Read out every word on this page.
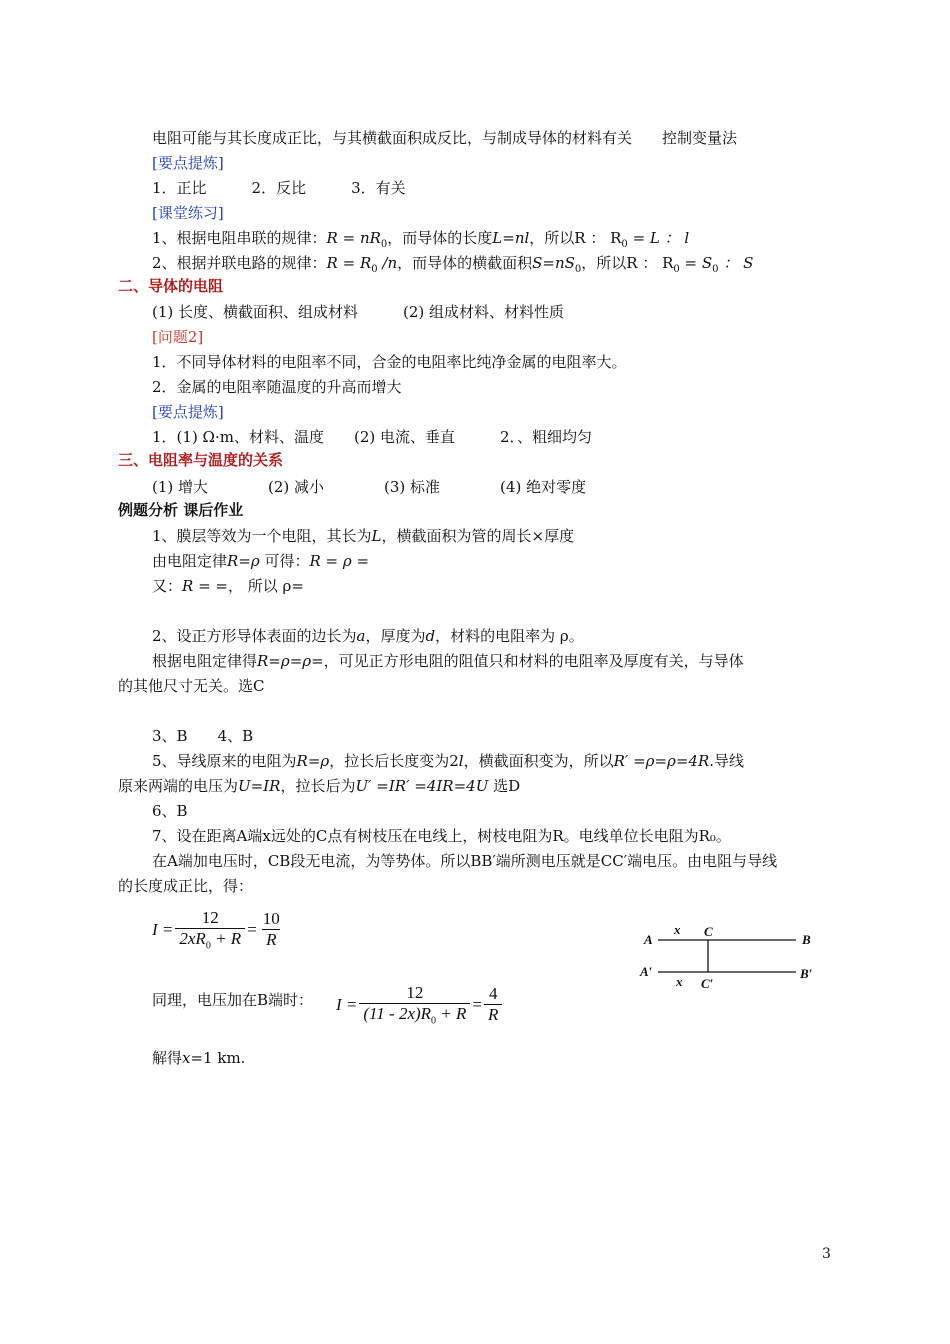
电阻可能与其长度成正比，与其横截面积成反比，与制成导体的材料有关　　控制变量法
[要点提炼]
1．正比　　　2．反比　　　3．有关
[课堂练习]
1、根据电阻串联的规律：$R = nR_0$，而导体的长度L=nl，所以R ： $R_0 = L$ ： l
2、根据并联电路的规律：$R = R_0$ /n，而导体的横截面积$S=nS_0$，所以R ： $R_0 = S_0$ ： S
二、导体的电阻
(1) 长度、横截面积、组成材料　　　(2) 组成材料、材料性质
[问题2]
1．不同导体材料的电阻率不同，合金的电阻率比纯净金属的电阻率大。
2．金属的电阻率随温度的升高而增大
[要点提炼]
1．(1) Ω·m、材料、温度　　(2) 电流、垂直　　　2．、粗细均匀
三、电阻率与温度的关系
(1) 增大　　　　(2) 减小　　　　(3) 标准　　　　(4) 绝对零度
例题分析 课后作业
1、膜层等效为一个电阻，其长为L，横截面积为管的周长×厚度
由电阻定律R=ρ 可得：R = ρ =
又：R = =， 所以 ρ=
2、设正方形导体表面的边长为a，厚度为d，材料的电阻率为 ρ。
根据电阻定律得R=ρ=ρ=，可见正方形电阻的阻值只和材料的电阻率及厚度有关，与导体
的其他尺寸无关。选C
3、B　　4、B
5、导线原来的电阻为R=ρ，拉长后长度变为2l，横截面积变为，所以R′ =ρ=ρ=4R.导线
原来两端的电压为U=IR，拉长后为U′ =IR′ =4IR=4U 选D
6、B
7、设在距离A端x远处的C点有树枝压在电线上，树枝电阻为R。电线单位长电阻为R₀。
在A端加电压时，CB段无电流，为等势体。所以BB′端所测电压就是CC′端电压。由电阻与导线
的长度成正比，得：
$I = \frac{12}{2xR_0 + R} = \frac{10}{R}$
同理，电压加在B端时： $I = \frac{12}{(11 - 2x)R_0 + R} = \frac{4}{R}$
解得x=1 km.
A
x C
B
A′
x C′
B′
3
